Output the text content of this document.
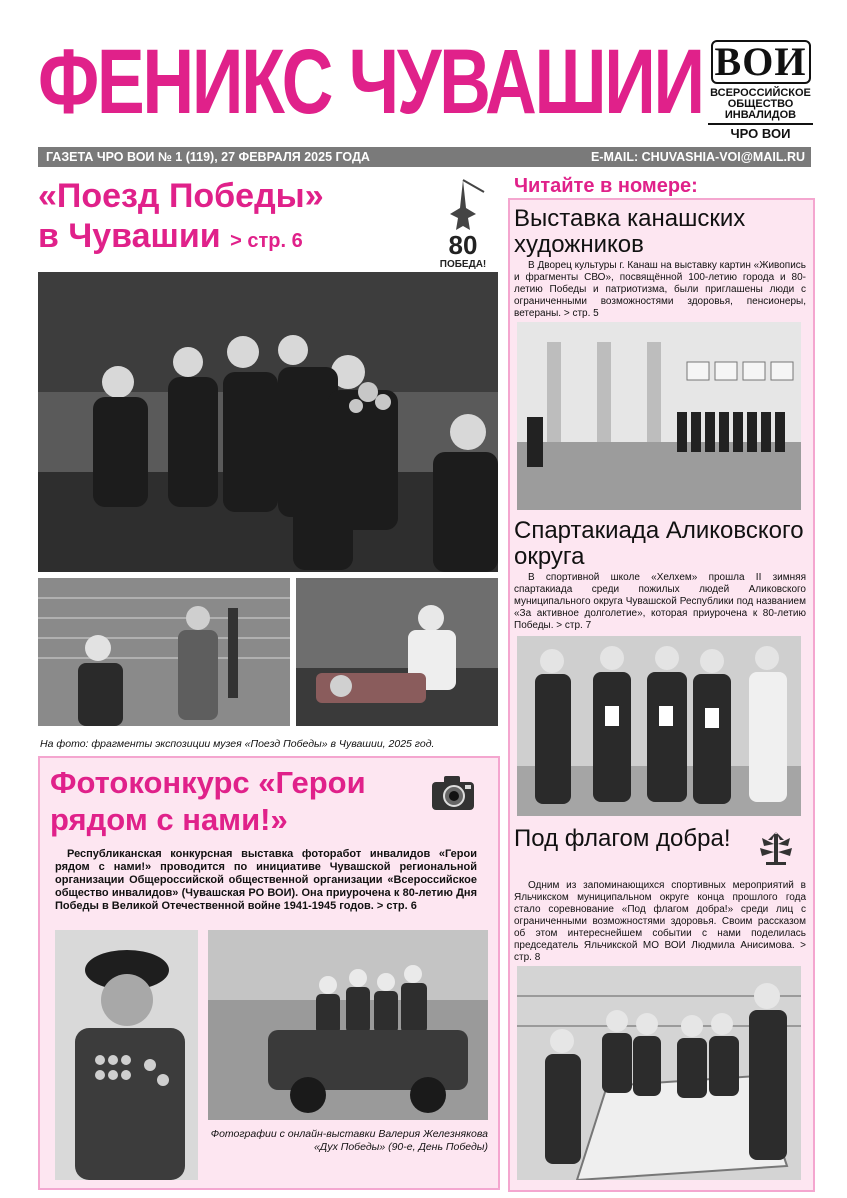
ФЕНИКС ЧУВАШИИ ВОИ
ВСЕРОССИЙСКОЕ
ОБЩЕСТВО
ИНВАЛИДОВ
ЧРО ВОИ
ГАЗЕТА ЧРО ВОИ № 1 (119), 27 ФЕВРАЛЯ 2025 ГОДА	E-MAIL: CHUVASHIA-VOI@MAIL.RU
«Поезд Победы»
в Чувашии > стр. 6	80
ПОБЕДА!
На фото: фрагменты экспозиции музея «Поезд Победы» в Чувашии, 2025 год.
Фотоконкурс «Герои
рядом с нами!»
Республиканская конкурсная выставка фоторабот инвалидов «Герои рядом с нами!» проводится по инициативе Чувашской региональной организации Общероссийской общественной организации «Всероссийское общество инвалидов» (Чувашская РО ВОИ). Она приурочена к 80-летию Дня Победы в Великой Отечественной войне 1941-1945 годов. > стр. 6
Фотографии с онлайн-выставки Валерия Железнякова «Дух Победы» (90-е, День Победы)
Читайте в номере:
Выставка канашских художников
В Дворец культуры г. Канаш на выставку картин «Живопись и фрагменты СВО», посвящённой 100-летию города и 80-летию Победы и патриотизма, были приглашены люди с ограниченными возможностями здоровья, пенсионеры, ветераны. > стр. 5
Спартакиада Аликовского округа
В спортивной школе «Хелхем» прошла II зимняя спартакиада среди пожилых людей Аликовского муниципального округа Чувашской Республики под названием «За активное долголетие», которая приурочена к 80-летию Победы. > стр. 7
Под флагом добра!
Одним из запоминающихся спортивных мероприятий в Яльчикском муниципальном округе конца прошлого года стало соревнование «Под флагом добра!» среди лиц с ограниченными возможностями здоровья. Своим рассказом об этом интереснейшем событии с нами поделилась председатель Яльчикской МО ВОИ Людмила Анисимова. > стр. 8
